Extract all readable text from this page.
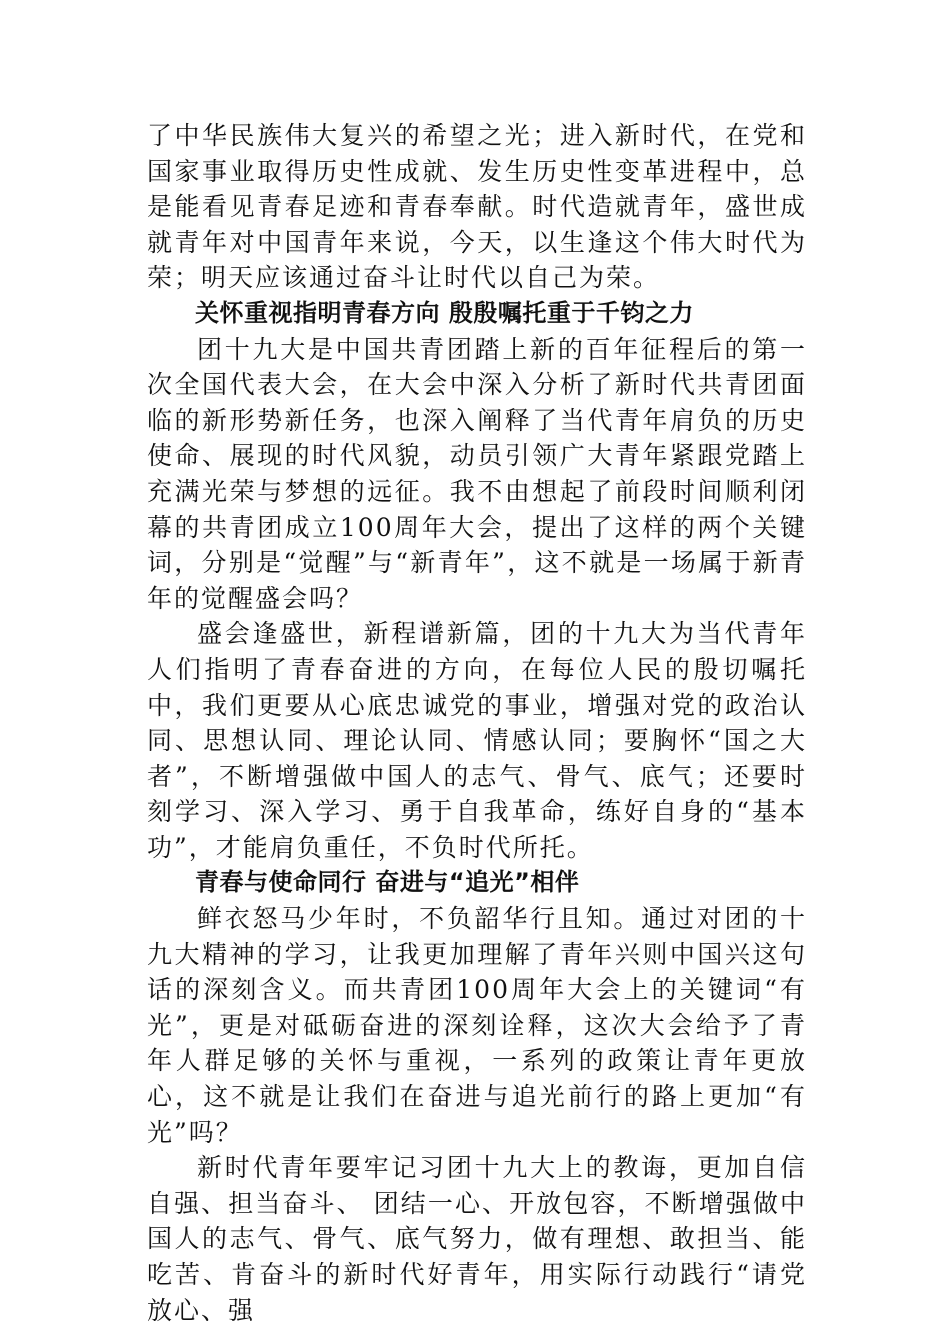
了中华民族伟大复兴的希望之光；进入新时代，在党和国家事业取得历史性成就、发生历史性变革进程中，总是能看见青春足迹和青春奉献。时代造就青年，盛世成就青年对中国青年来说，今天，以生逢这个伟大时代为荣；明天应该通过奋斗让时代以自己为荣。

关怀重视指明青春方向 殷殷嘱托重于千钧之力

团十九大是中国共青团踏上新的百年征程后的第一次全国代表大会，在大会中深入分析了新时代共青团面临的新形势新任务，也深入阐释了当代青年肩负的历史使命、展现的时代风貌，动员引领广大青年紧跟党踏上充满光荣与梦想的远征。我不由想起了前段时间顺利闭幕的共青团成立100周年大会，提出了这样的两个关键词，分别是“觉醒”与“新青年”，这不就是一场属于新青年的觉醒盛会吗？

盛会逢盛世，新程谱新篇，团的十九大为当代青年人们指明了青春奋进的方向，在每位人民的殷切嘱托中，我们更要从心底忠诚党的事业，增强对党的政治认同、思想认同、理论认同、情感认同；要胸怀“国之大者”，不断增强做中国人的志气、骨气、底气；还要时刻学习、深入学习、勇于自我革命，练好自身的“基本功”，才能肩负重任，不负时代所托。

青春与使命同行 奋进与“追光”相伴

鲜衣怒马少年时，不负韶华行且知。通过对团的十九大精神的学习，让我更加理解了青年兴则中国兴这句话的深刻含义。而共青团100周年大会上的关键词“有光”，更是对砥砺奋进的深刻诠释，这次大会给予了青年人群足够的关怀与重视，一系列的政策让青年更放心，这不就是让我们在奋进与追光前行的路上更加“有光”吗？

新时代青年要牢记习团十九大上的教诲，更加自信自强、担当奋斗、 团结一心、开放包容，不断增强做中国人的志气、骨气、底气努力，做有理想、敢担当、能吃苦、肯奋斗的新时代好青年，用实际行动践行“请党放心、强
